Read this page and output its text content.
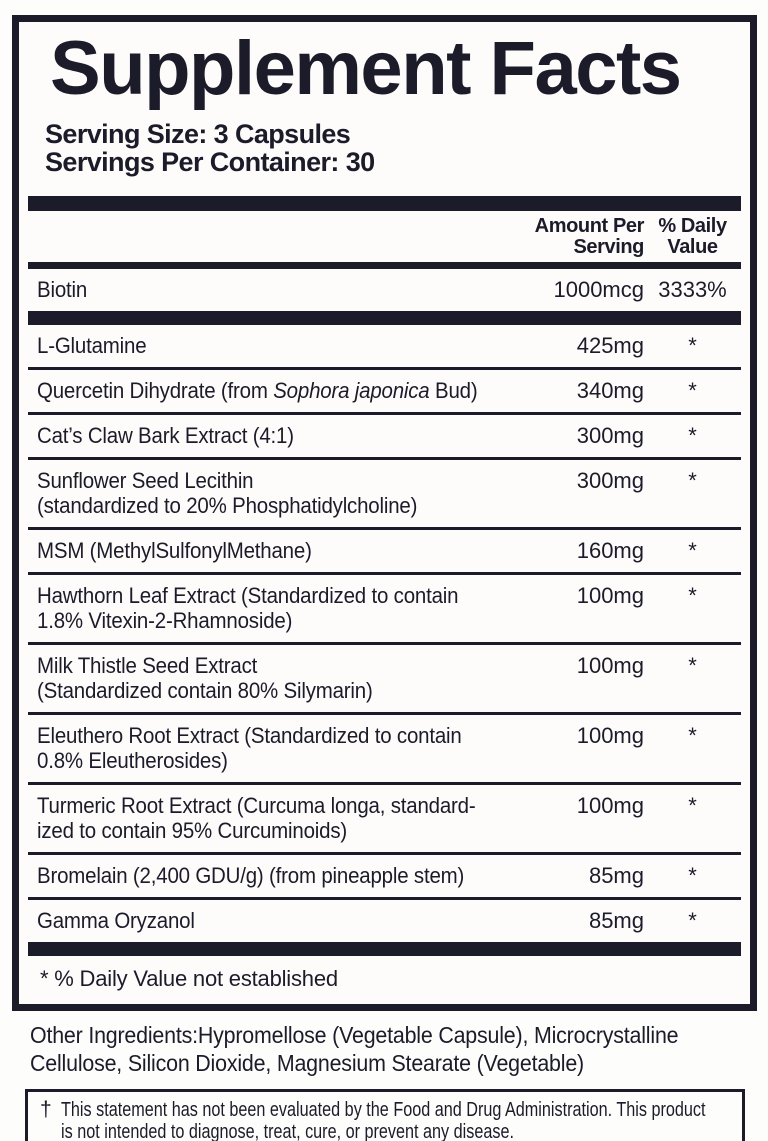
Supplement Facts
Serving Size: 3 Capsules
Servings Per Container: 30
Amount Per
Serving
% Daily
Value
Biotin	1000mcg 3333%
L-Glutamine	425mg	*
Quercetin Dihydrate (from Sophora japonica Bud)	340mg	*
Cat’s Claw Bark Extract (4:1)	300mg	*
Sunflower Seed Lecithin
(standardized to 20% Phosphatidylcholine)
300mg	*
MSM (MethylSulfonylMethane)	160mg	*
Hawthorn Leaf Extract (Standardized to contain
1.8% Vitexin-2-Rhamnoside)
100mg	*
Milk Thistle Seed Extract
(Standardized contain 80% Silymarin)
100mg	*
Eleuthero Root Extract (Standardized to contain
0.8% Eleutherosides)
100mg	*
Turmeric Root Extract (Curcuma longa, standard-
ized to contain 95% Curcuminoids)
100mg	*
Bromelain (2,400 GDU/g) (from pineapple stem)	85mg	*
Gamma Oryzanol	85mg	*
* % Daily Value not established
Other Ingredients:Hypromellose (Vegetable Capsule), Microcrystalline
Cellulose, Silicon Dioxide, Magnesium Stearate (Vegetable)
† This statement has not been evaluated by the Food and Drug Administration. This product
is not intended to diagnose, treat, cure, or prevent any disease.
